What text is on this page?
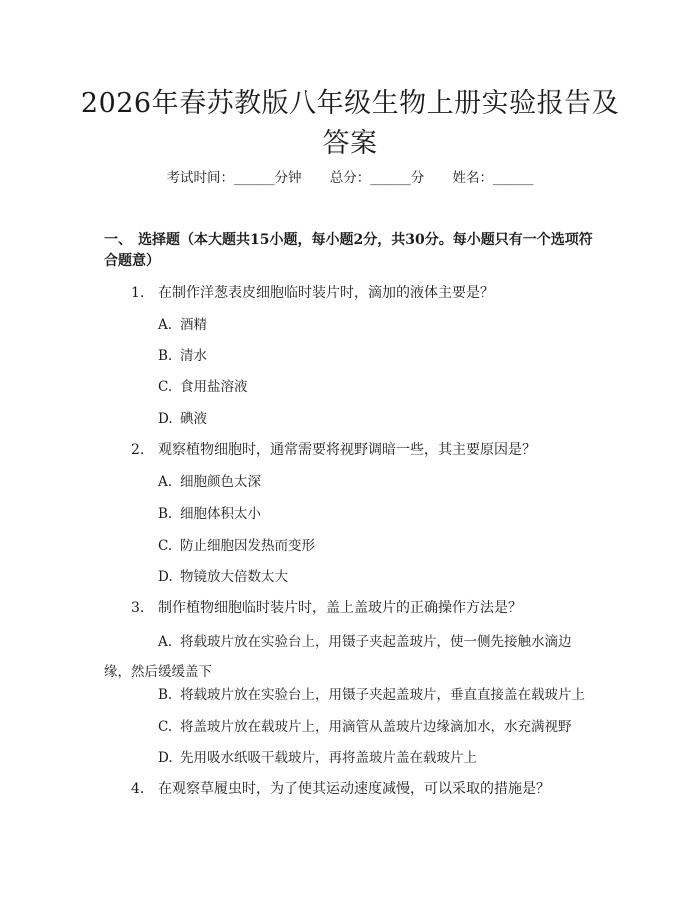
2026年春苏教版八年级生物上册实验报告及答案
考试时间：______分钟 总分：______分 姓名：______
一、 选择题（本大题共15小题，每小题2分，共30分。每小题只有一个选项符合题意）
1. 在制作洋葱表皮细胞临时装片时，滴加的液体主要是？
A. 酒精
B. 清水
C. 食用盐溶液
D. 碘液
2. 观察植物细胞时，通常需要将视野调暗一些，其主要原因是？
A. 细胞颜色太深
B. 细胞体积太小
C. 防止细胞因发热而变形
D. 物镜放大倍数太大
3. 制作植物细胞临时装片时，盖上盖玻片的正确操作方法是？
A. 将载玻片放在实验台上，用镊子夹起盖玻片，使一侧先接触水滴边缘，然后缓缓盖下
B. 将载玻片放在实验台上，用镊子夹起盖玻片，垂直直接盖在载玻片上
C. 将盖玻片放在载玻片上，用滴管从盖玻片边缘滴加水，水充满视野
D. 先用吸水纸吸干载玻片，再将盖玻片盖在载玻片上
4. 在观察草履虫时，为了使其运动速度减慢，可以采取的措施是？
